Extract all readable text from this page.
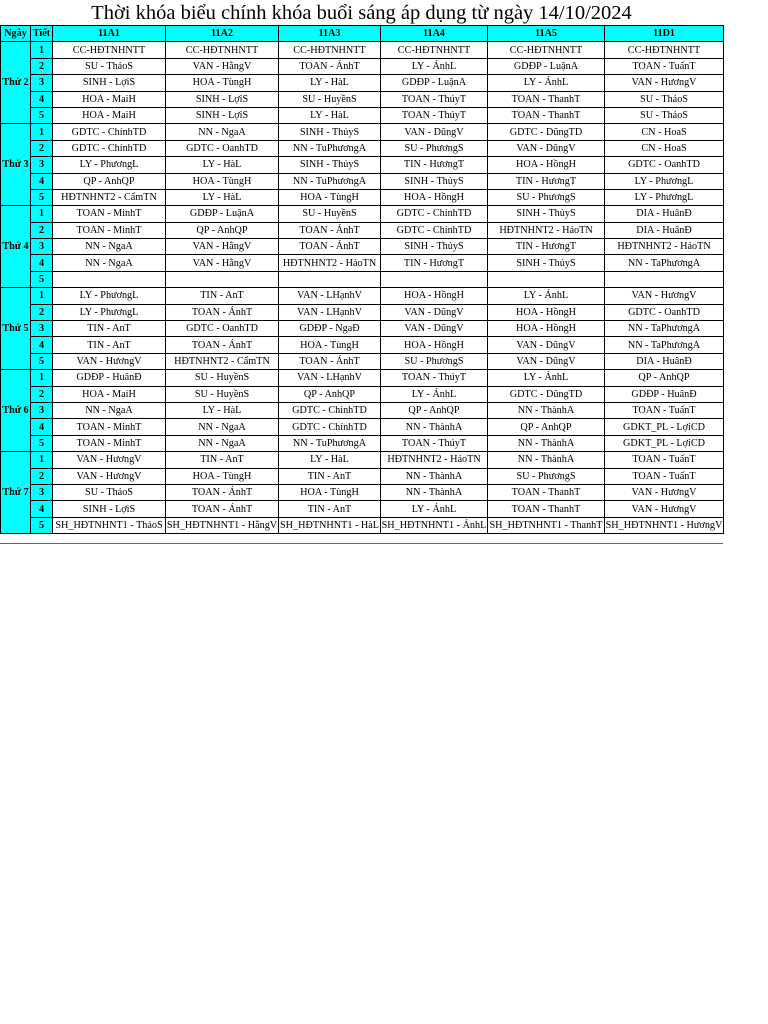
Thời khóa biểu chính khóa buổi sáng áp dụng từ ngày 14/10/2024
Ngày	Tiết	11A1	11A2	11A3	11A4	11A5	11D1
Thứ 2	1	CC-HĐTNHNTT	CC-HĐTNHNTT	CC-HĐTNHNTT	CC-HĐTNHNTT	CC-HĐTNHNTT	CC-HĐTNHNTT
	2	SU - ThảoS	VAN - HằngV	TOAN - ÁnhT	LY - ÁnhL	GDĐP - LuậnA	TOAN - TuấnT
	3	SINH - LợiS	HOA - TùngH	LY - HàL	GDĐP - LuậnA	LY - ÁnhL	VAN - HươngV
	4	HOA - MaiH	SINH - LợiS	SU - HuyềnS	TOAN - ThúyT	TOAN - ThanhT	SU - ThảoS
	5	HOA - MaiH	SINH - LợiS	LY - HàL	TOAN - ThúyT	TOAN - ThanhT	SU - ThảoS
Thứ 3	1	GDTC - ChínhTD	NN - NgaA	SINH - ThủyS	VAN - DũngV	GDTC - DũngTD	CN - HoaS
	2	GDTC - ChínhTD	GDTC - OanhTD	NN - TuPhươngA	SU - PhươngS	VAN - DũngV	CN - HoaS
	3	LY - PhươngL	LY - HàL	SINH - ThủyS	TIN - HươngT	HOA - HồngH	GDTC - OanhTD
	4	QP - AnhQP	HOA - TùngH	NN - TuPhươngA	SINH - ThủyS	TIN - HươngT	LY - PhươngL
	5	HĐTNHNT2 - CẩmTN	LY - HàL	HOA - TùngH	HOA - HồngH	SU - PhươngS	LY - PhươngL
Thứ 4	1	TOAN - MinhT	GDĐP - LuậnA	SU - HuyềnS	GDTC - ChínhTD	SINH - ThủyS	DIA - HuânĐ
	2	TOAN - MinhT	QP - AnhQP	TOAN - ÁnhT	GDTC - ChínhTD	HĐTNHNT2 - HảoTN	DIA - HuânĐ
	3	NN - NgaA	VAN - HằngV	TOAN - ÁnhT	SINH - ThủyS	TIN - HươngT	HĐTNHNT2 - HảoTN
	4	NN - NgaA	VAN - HằngV	HĐTNHNT2 - HảoTN	TIN - HươngT	SINH - ThủyS	NN - TaPhươngA
	5						
Thứ 5	1	LY - PhươngL	TIN - AnT	VAN - LHạnhV	HOA - HồngH	LY - ÁnhL	VAN - HươngV
	2	LY - PhươngL	TOAN - ÁnhT	VAN - LHạnhV	VAN - DũngV	HOA - HồngH	GDTC - OanhTD
	3	TIN - AnT	GDTC - OanhTD	GDĐP - NgaĐ	VAN - DũngV	HOA - HồngH	NN - TaPhươngA
	4	TIN - AnT	TOAN - ÁnhT	HOA - TùngH	HOA - HồngH	VAN - DũngV	NN - TaPhươngA
	5	VAN - HươngV	HĐTNHNT2 - CẩmTN	TOAN - ÁnhT	SU - PhươngS	VAN - DũngV	DIA - HuânĐ
Thứ 6	1	GDĐP - HuânĐ	SU - HuyềnS	VAN - LHạnhV	TOAN - ThúyT	LY - ÁnhL	QP - AnhQP
	2	HOA - MaiH	SU - HuyềnS	QP - AnhQP	LY - ÁnhL	GDTC - DũngTD	GDĐP - HuânĐ
	3	NN - NgaA	LY - HàL	GDTC - ChínhTD	QP - AnhQP	NN - ThànhA	TOAN - TuấnT
	4	TOAN - MinhT	NN - NgaA	GDTC - ChínhTD	NN - ThànhA	QP - AnhQP	GDKT_PL - LợiCD
	5	TOAN - MinhT	NN - NgaA	NN - TuPhươngA	TOAN - ThúyT	NN - ThànhA	GDKT_PL - LợiCD
Thứ 7	1	VAN - HươngV	TIN - AnT	LY - HàL	HĐTNHNT2 - HảoTN	NN - ThànhA	TOAN - TuấnT
	2	VAN - HươngV	HOA - TùngH	TIN - AnT	NN - ThànhA	SU - PhươngS	TOAN - TuấnT
	3	SU - ThảoS	TOAN - ÁnhT	HOA - TùngH	NN - ThànhA	TOAN - ThanhT	VAN - HươngV
	4	SINH - LợiS	TOAN - ÁnhT	TIN - AnT	LY - ÁnhL	TOAN - ThanhT	VAN - HươngV
	5	SH_HĐTNHNT1 - ThảoS	SH_HĐTNHNT1 - HằngV	SH_HĐTNHNT1 - HàL	SH_HĐTNHNT1 - ÁnhL	SH_HĐTNHNT1 - ThanhT	SH_HĐTNHNT1 - HươngV
